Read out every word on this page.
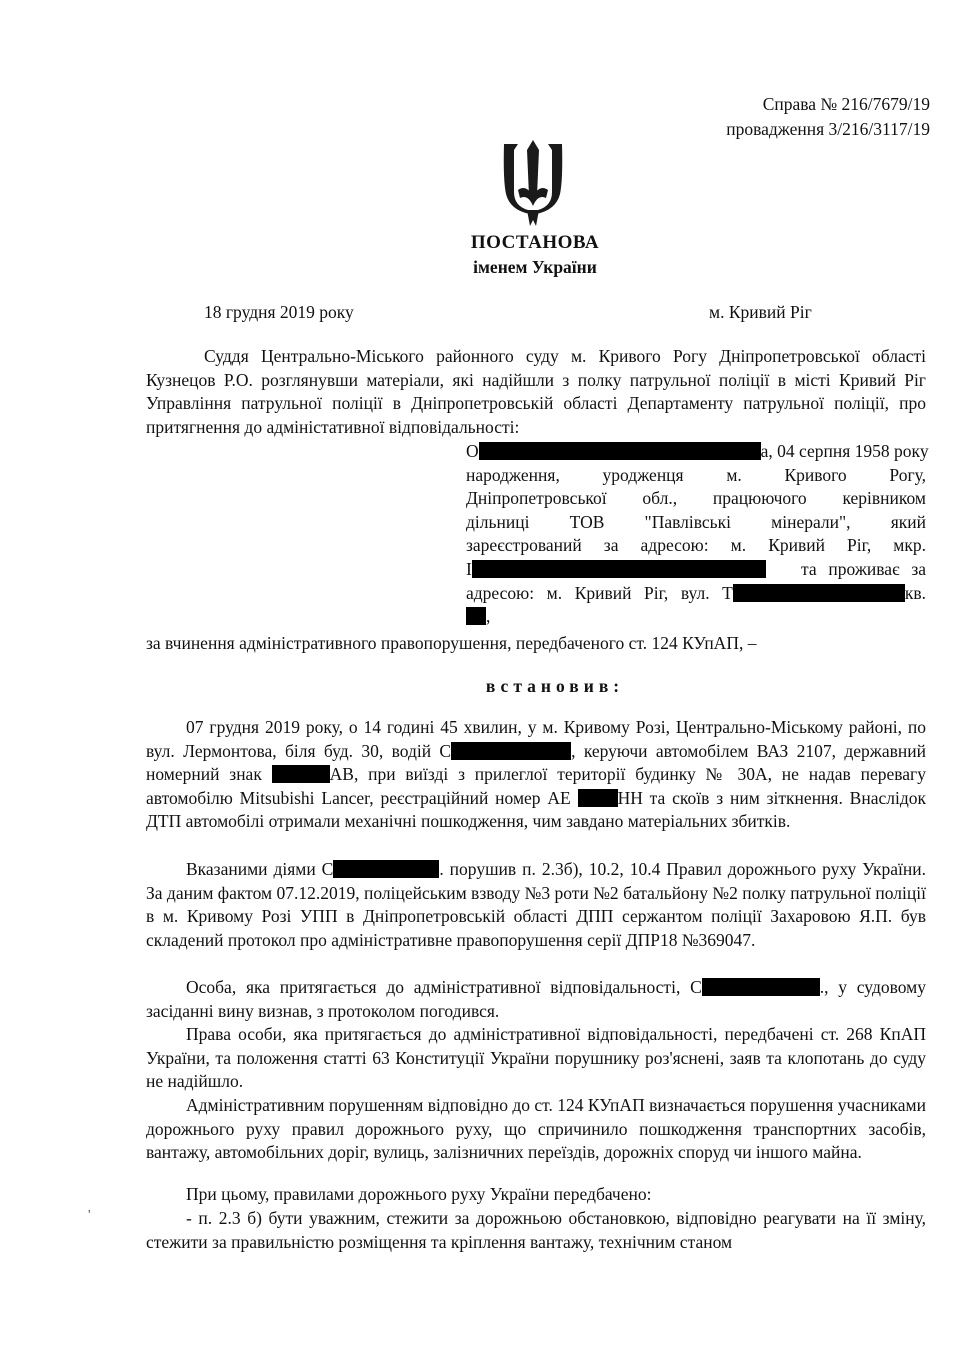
Справа № 216/7679/19
провадження 3/216/3117/19
ПОСТАНОВА
іменем України
18 грудня 2019 року	м. Кривий Ріг
Суддя Центрально-Міського районного суду м. Кривого Рогу Дніпропетровської області Кузнецов Р.О. розглянувши матеріали, які надійшли з полку патрульної поліції в місті Кривий Ріг Управління патрульної поліції в Дніпропетровській області Департаменту патрульної поліції, про притягнення до адміністативної відповідальності:
О	а, 04 серпня 1958 року
народження, уродженця м. Кривого Рогу,
Дніпропетровської обл., працюючого керівником
дільниці ТОВ "Павлівські мінерали", який
зареєстрований за адресою: м. Кривий Ріг, мкр.
І	та проживає за
адресою: м. Кривий Ріг, вул. Т	кв.
,
за вчинення адміністративного правопорушення, передбаченого ст. 124 КУпАП, –
встановив:
07 грудня 2019 року, о 14 годині 45 хвилин, у м. Кривому Розі, Центрально-Міському районі, по вул. Лермонтова, біля буд. 30, водій С	, керуючи автомобілем ВАЗ 2107, державний номерний знак	АВ, при виїзді з прилеглої території будинку № 30А, не надав перевагу автомобілю Mitsubishi Lancer, реєстраційний номер АЕ	НН та скоїв з ним зіткнення. Внаслідок ДТП автомобілі отримали механічні пошкодження, чим завдано матеріальних збитків.
Вказаними діями С	. порушив п. 2.3б), 10.2, 10.4 Правил дорожнього руху України. За даним фактом 07.12.2019, поліцейським взводу №3 роти №2 батальйону №2 полку патрульної поліції в м. Кривому Розі УПП в Дніпропетровській області ДПП сержантом поліції Захаровою Я.П. був складений протокол про адміністративне правопорушення серії ДПР18 №369047.
Особа, яка притягається до адміністративної відповідальності, С	., у судовому засіданні вину визнав, з протоколом погодився.
Права особи, яка притягається до адміністративної відповідальності, передбачені ст. 268 КпАП України, та положення статті 63 Конституції України порушнику роз'яснені, заяв та клопотань до суду не надійшло.
Адміністративним порушенням відповідно до ст. 124 КУпАП визначається порушення учасниками дорожнього руху правил дорожнього руху, що спричинило пошкодження транспортних засобів, вантажу, автомобільних доріг, вулиць, залізничних переїздів, дорожніх споруд чи іншого майна.
При цьому, правилами дорожнього руху України передбачено:
- п. 2.3 б) бути уважним, стежити за дорожньою обстановкою, відповідно реагувати на її зміну, стежити за правильністю розміщення та кріплення вантажу, технічним станом
'
